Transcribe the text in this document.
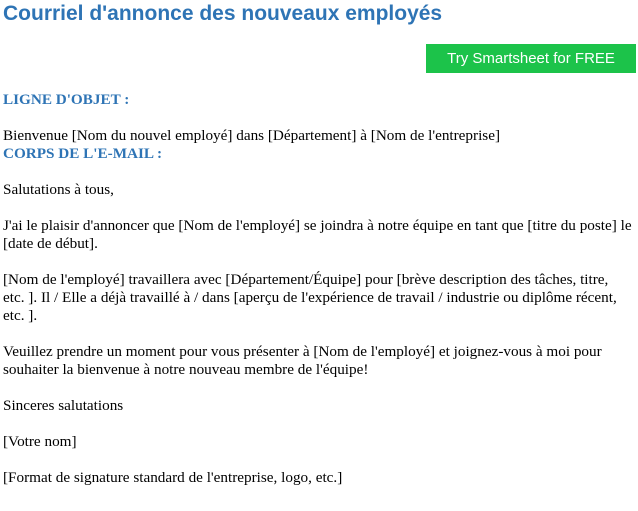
Courriel d'annonce des nouveaux employés
Try Smartsheet for FREE
LIGNE D'OBJET :

Bienvenue [Nom du nouvel employé] dans [Département] à [Nom de l'entreprise]

CORPS DE L'E-MAIL :

Salutations à tous,

J'ai le plaisir d'annoncer que [Nom de l'employé] se joindra à notre équipe en tant que [titre du poste] le [date de début].

[Nom de l'employé] travaillera avec [Département/Équipe] pour [brève description des tâches, titre, etc. ]. Il / Elle a déjà travaillé à / dans [aperçu de l'expérience de travail / industrie ou diplôme récent, etc. ].

Veuillez prendre un moment pour vous présenter à [Nom de l'employé] et joignez-vous à moi pour souhaiter la bienvenue à notre nouveau membre de l'équipe!

Sinceres salutations

[Votre nom]

[Format de signature standard de l'entreprise, logo, etc.]
